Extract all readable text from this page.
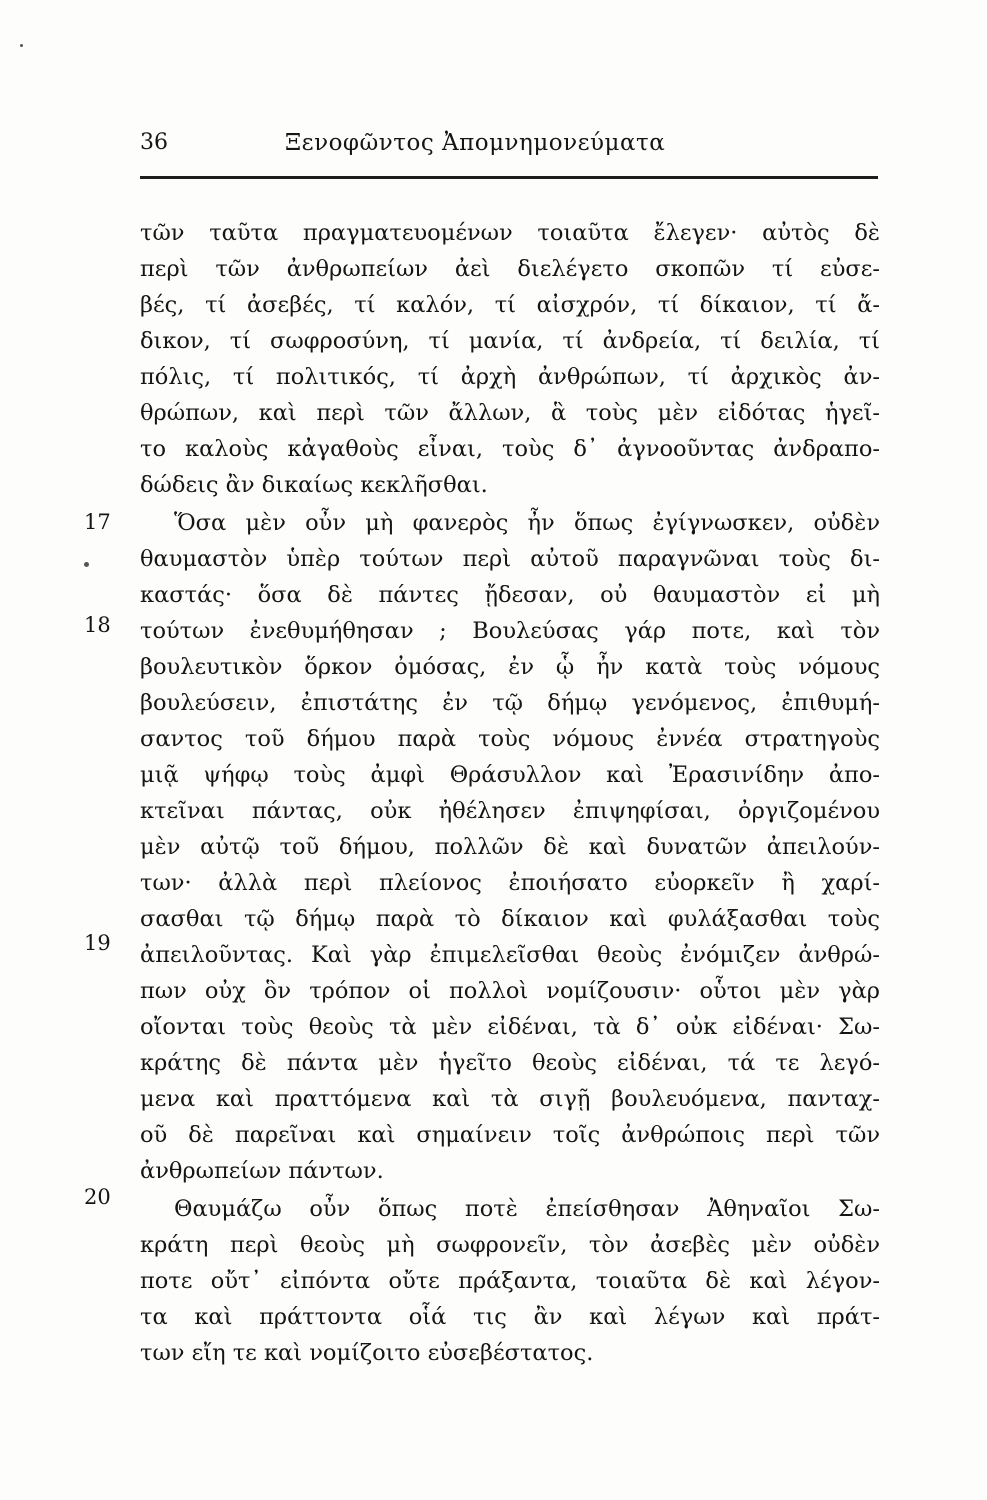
36	Ξενοφῶντος Ἀπομνημονεύματα
17
18
19
20
τῶν ταῦτα πραγματευομένων τοιαῦτα ἔλεγεν· αὐτὸς δὲ
περὶ τῶν ἀνθρωπείων ἀεὶ διελέγετο σκοπῶν τί εὐσε-
βές, τί ἀσεβές, τί καλόν, τί αἰσχρόν, τί δίκαιον, τί ἄ-
δικον, τί σωφροσύνη, τί μανία, τί ἀνδρεία, τί δειλία, τί
πόλις, τί πολιτικός, τί ἀρχὴ ἀνθρώπων, τί ἀρχικὸς ἀν-
θρώπων, καὶ περὶ τῶν ἄλλων, ἃ τοὺς μὲν εἰδότας ἡγεῖ-
το καλοὺς κἀγαθοὺς εἶναι, τοὺς δ᾿ ἀγνοοῦντας ἀνδραπο-
δώδεις ἂν δικαίως κεκλῆσθαι.
Ὅσα μὲν οὖν μὴ φανερὸς ἦν ὅπως ἐγίγνωσκεν, οὐδὲν
θαυμαστὸν ὑπὲρ τούτων περὶ αὐτοῦ παραγνῶναι τοὺς δι-
καστάς· ὅσα δὲ πάντες ᾔδεσαν, οὐ θαυμαστὸν εἰ μὴ
τούτων ἐνεθυμήθησαν ; Βουλεύσας γάρ ποτε, καὶ τὸν
βουλευτικὸν ὅρκον ὀμόσας, ἐν ᾧ ἦν κατὰ τοὺς νόμους
βουλεύσειν, ἐπιστάτης ἐν τῷ δήμῳ γενόμενος, ἐπιθυμή-
σαντος τοῦ δήμου παρὰ τοὺς νόμους ἐννέα στρατηγοὺς
μιᾷ ψήφῳ τοὺς ἀμφὶ Θράσυλλον καὶ Ἐρασινίδην ἀπο-
κτεῖναι πάντας, οὐκ ἠθέλησεν ἐπιψηφίσαι, ὀργιζομένου
μὲν αὐτῷ τοῦ δήμου, πολλῶν δὲ καὶ δυνατῶν ἀπειλούν-
των· ἀλλὰ περὶ πλείονος ἐποιήσατο εὐορκεῖν ἢ χαρί-
σασθαι τῷ δήμῳ παρὰ τὸ δίκαιον καὶ φυλάξασθαι τοὺς
ἀπειλοῦντας. Καὶ γὰρ ἐπιμελεῖσθαι θεοὺς ἐνόμιζεν ἀνθρώ-
πων οὐχ ὃν τρόπον οἱ πολλοὶ νομίζουσιν· οὗτοι μὲν γὰρ
οἴονται τοὺς θεοὺς τὰ μὲν εἰδέναι, τὰ δ᾿ οὐκ εἰδέναι· Σω-
κράτης δὲ πάντα μὲν ἡγεῖτο θεοὺς εἰδέναι, τά τε λεγό-
μενα καὶ πραττόμενα καὶ τὰ σιγῇ βουλευόμενα, πανταχ-
οῦ δὲ παρεῖναι καὶ σημαίνειν τοῖς ἀνθρώποις περὶ τῶν
ἀνθρωπείων πάντων.
Θαυμάζω οὖν ὅπως ποτὲ ἐπείσθησαν Ἀθηναῖοι Σω-
κράτη περὶ θεοὺς μὴ σωφρονεῖν, τὸν ἀσεβὲς μὲν οὐδὲν
ποτε οὔτ᾿ εἰπόντα οὔτε πράξαντα, τοιαῦτα δὲ καὶ λέγον-
τα καὶ πράττοντα οἷά τις ἂν καὶ λέγων καὶ πράτ-
των εἴη τε καὶ νομίζοιτο εὐσεβέστατος.
